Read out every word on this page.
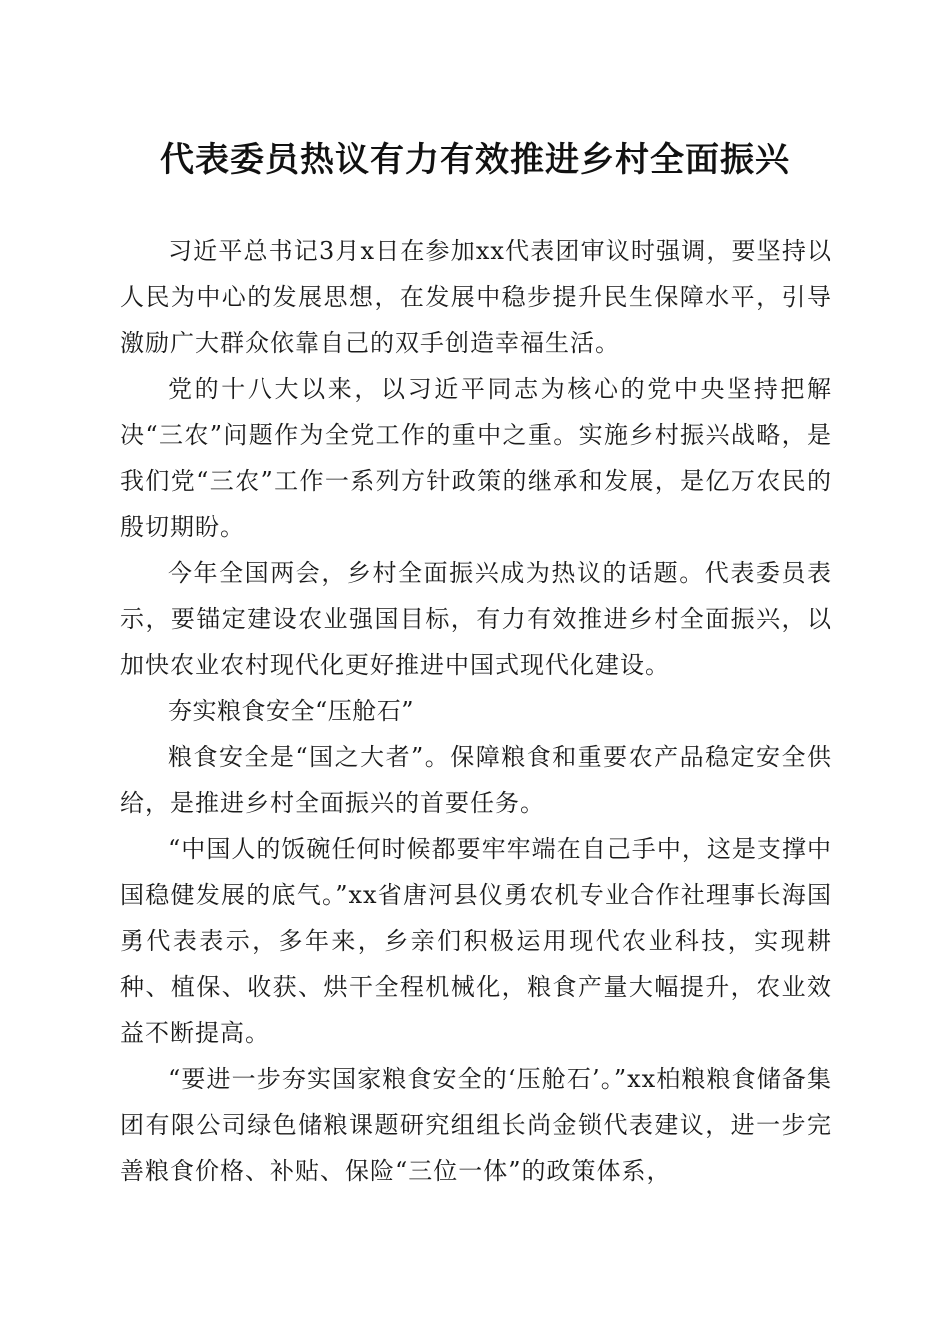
代表委员热议有力有效推进乡村全面振兴

习近平总书记3月x日在参加xx代表团审议时强调，要坚持以人民为中心的发展思想，在发展中稳步提升民生保障水平，引导激励广大群众依靠自己的双手创造幸福生活。

党的十八大以来，以习近平同志为核心的党中央坚持把解决“三农”问题作为全党工作的重中之重。实施乡村振兴战略，是我们党“三农”工作一系列方针政策的继承和发展，是亿万农民的殷切期盼。

今年全国两会，乡村全面振兴成为热议的话题。代表委员表示，要锚定建设农业强国目标，有力有效推进乡村全面振兴，以加快农业农村现代化更好推进中国式现代化建设。

夯实粮食安全“压舱石”

粮食安全是“国之大者”。保障粮食和重要农产品稳定安全供给，是推进乡村全面振兴的首要任务。

“中国人的饭碗任何时候都要牢牢端在自己手中，这是支撑中国稳健发展的底气。”xx省唐河县仪勇农机专业合作社理事长海国勇代表表示，多年来，乡亲们积极运用现代农业科技，实现耕种、植保、收获、烘干全程机械化，粮食产量大幅提升，农业效益不断提高。

“要进一步夯实国家粮食安全的‘压舱石’。”xx柏粮粮食储备集团有限公司绿色储粮课题研究组组长尚金锁代表建议，进一步完善粮食价格、补贴、保险“三位一体”的政策体系，
